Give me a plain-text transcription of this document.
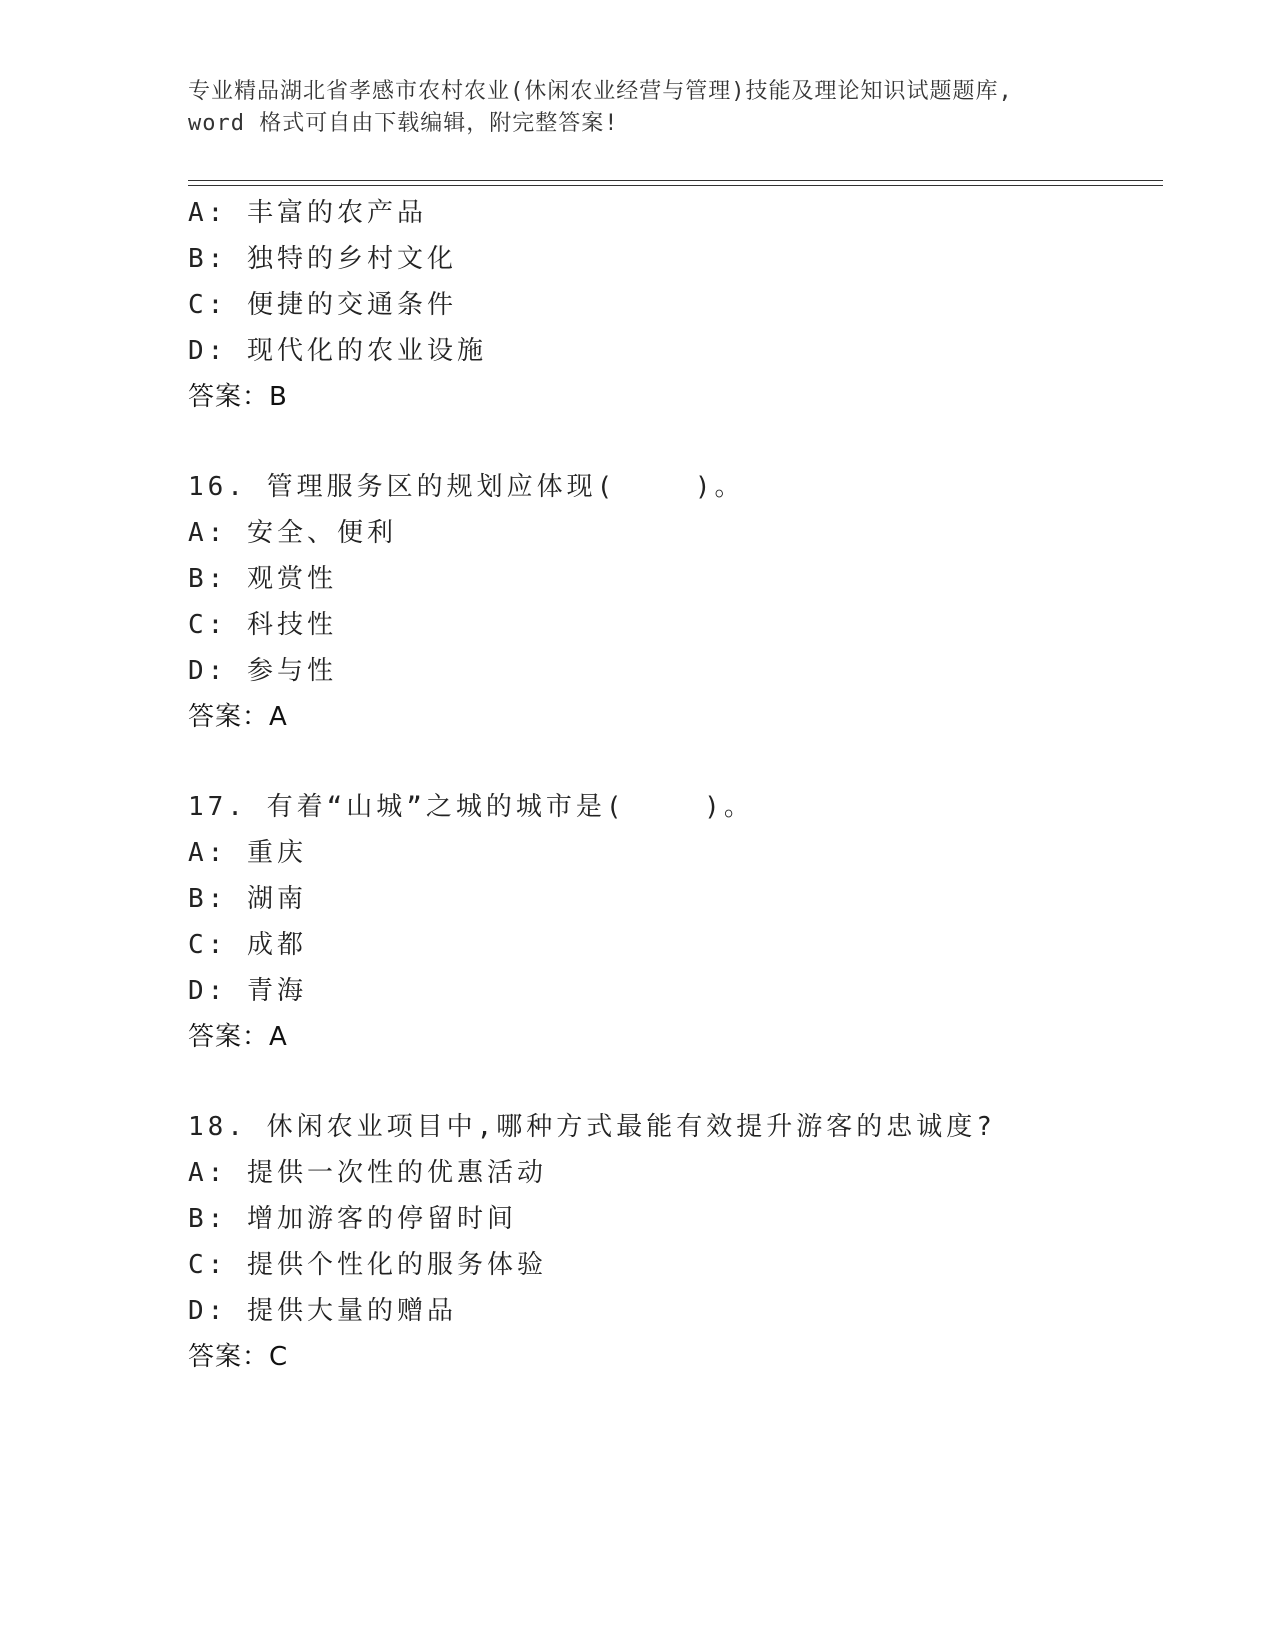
专业精品湖北省孝感市农村农业(休闲农业经营与管理)技能及理论知识试题题库,
word 格式可自由下载编辑，附完整答案!
A: 丰富的农产品
B: 独特的乡村文化
C: 便捷的交通条件
D: 现代化的农业设施
答案：B
16. 管理服务区的规划应体现(    )。
A: 安全、便利
B: 观赏性
C: 科技性
D: 参与性
答案：A
17. 有着“山城”之城的城市是(    )。
A: 重庆
B: 湖南
C: 成都
D: 青海
答案：A
18. 休闲农业项目中,哪种方式最能有效提升游客的忠诚度?
A: 提供一次性的优惠活动
B: 增加游客的停留时间
C: 提供个性化的服务体验
D: 提供大量的赠品
答案：C
